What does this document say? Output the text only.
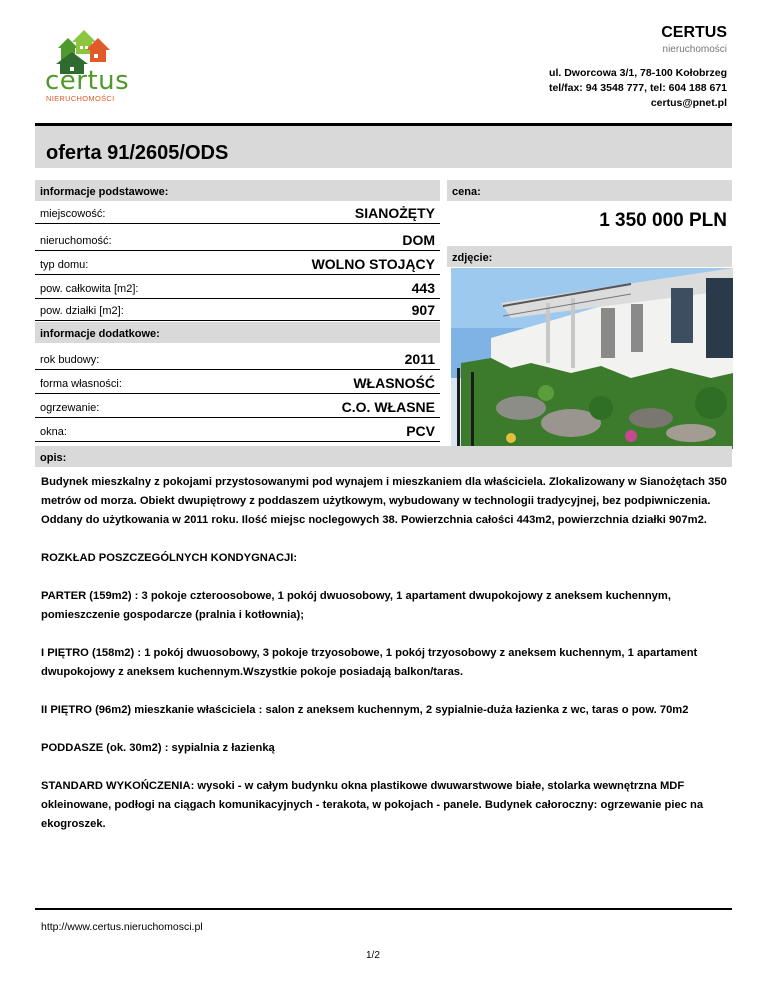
certus
NIERUCHOMOŚCI
CERTUS
nieruchomości
ul. Dworcowa 3/1, 78-100 Kołobrzeg
tel/fax: 94 3548 777, tel: 604 188 671
certus@pnet.pl
oferta 91/2605/ODS
informacje podstawowe:
miejscowość:	SIANOŻĘTY
nieruchomość:	DOM
typ domu:	WOLNO STOJĄCY
pow. całkowita [m2]:	443
pow. działki [m2]:	907
informacje dodatkowe:
rok budowy:	2011
forma własności:	WŁASNOŚĆ
ogrzewanie:	C.O. WŁASNE
okna:	PCV
cena:
1 350 000 PLN
zdjęcie:
opis:

Budynek mieszkalny z pokojami przystosowanymi pod wynajem i mieszkaniem dla właściciela. Zlokalizowany w Sianożętach 350 metrów od morza. Obiekt dwupiętrowy z poddaszem użytkowym, wybudowany w technologii tradycyjnej, bez podpiwniczenia. Oddany do użytkowania w 2011 roku. Ilość miejsc noclegowych 38. Powierzchnia całości 443m2, powierzchnia działki 907m2.

ROZKŁAD POSZCZEGÓLNYCH KONDYGNACJI:

PARTER (159m2) : 3 pokoje czteroosobowe, 1 pokój dwuosobowy, 1 apartament dwupokojowy z aneksem kuchennym, pomieszczenie gospodarcze (pralnia i kotłownia);

I PIĘTRO (158m2) : 1 pokój dwuosobowy, 3 pokoje trzyosobowe, 1 pokój trzyosobowy z aneksem kuchennym, 1 apartament dwupokojowy z aneksem kuchennym.Wszystkie pokoje posiadają balkon/taras.

II PIĘTRO (96m2) mieszkanie właściciela : salon z aneksem kuchennym, 2 sypialnie-duża łazienka z wc, taras o pow. 70m2

PODDASZE (ok. 30m2) : sypialnia z łazienką

STANDARD WYKOŃCZENIA: wysoki - w całym budynku okna plastikowe dwuwarstwowe białe, stolarka wewnętrzna MDF okleinowane, podłogi na ciągach komunikacyjnych - terakota, w pokojach - panele. Budynek całoroczny: ogrzewanie piec na ekogroszek.

http://www.certus.nieruchomosci.pl
1/2
